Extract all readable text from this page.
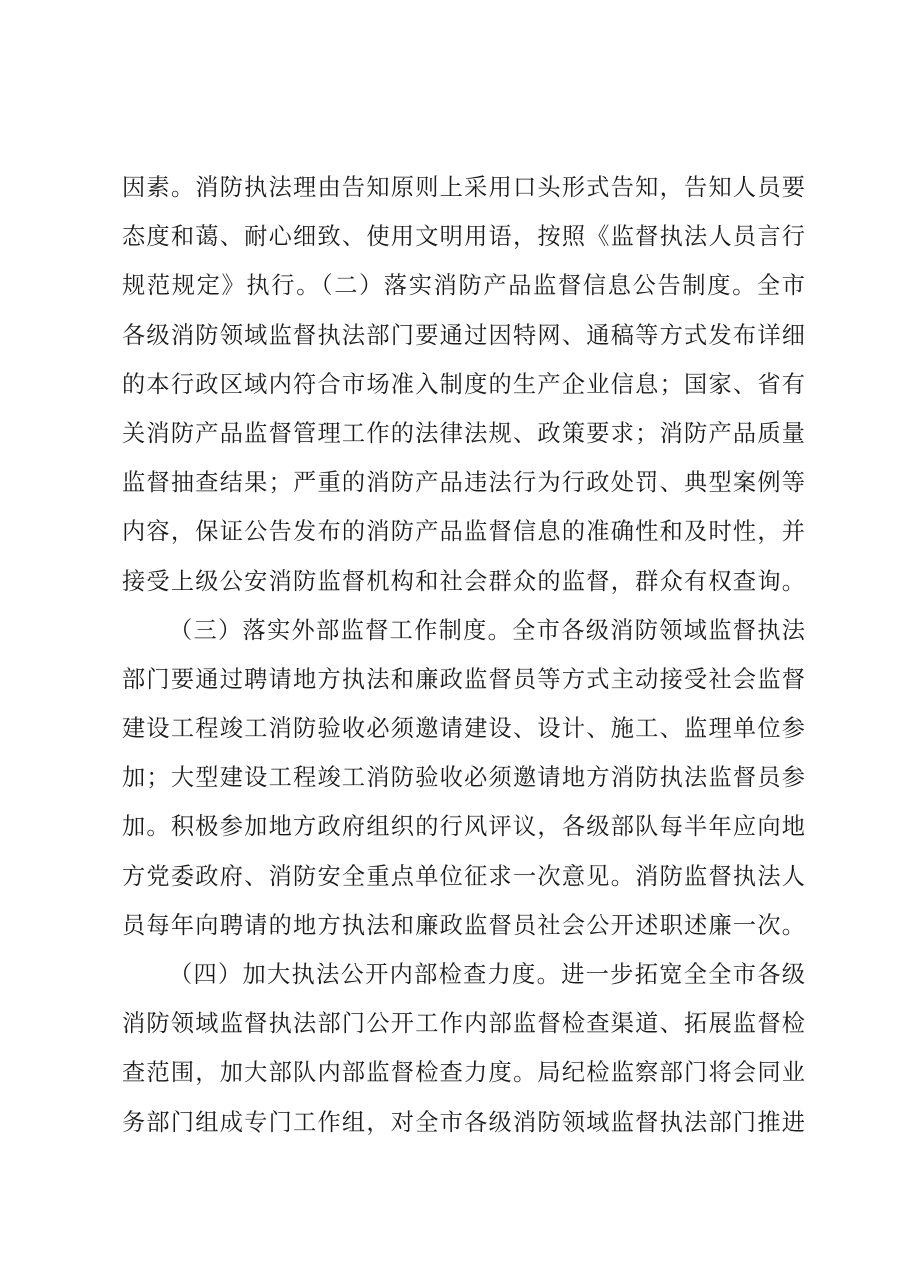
因素。消防执法理由告知原则上采用口头形式告知，告知人员要

态度和蔼、耐心细致、使用文明用语，按照《监督执法人员言行

规范规定》执行。（二）落实消防产品监督信息公告制度。全市

各级消防领域监督执法部门要通过因特网、通稿等方式发布详细

的本行政区域内符合市场准入制度的生产企业信息；国家、省有

关消防产品监督管理工作的法律法规、政策要求；消防产品质量

监督抽查结果；严重的消防产品违法行为行政处罚、典型案例等

内容，保证公告发布的消防产品监督信息的准确性和及时性，并

接受上级公安消防监督机构和社会群众的监督，群众有权查询。

（三）落实外部监督工作制度。全市各级消防领域监督执法

部门要通过聘请地方执法和廉政监督员等方式主动接受社会监督

建设工程竣工消防验收必须邀请建设、设计、施工、监理单位参

加；大型建设工程竣工消防验收必须邀请地方消防执法监督员参

加。积极参加地方政府组织的行风评议，各级部队每半年应向地

方党委政府、消防安全重点单位征求一次意见。消防监督执法人

员每年向聘请的地方执法和廉政监督员社会公开述职述廉一次。

（四）加大执法公开内部检查力度。进一步拓宽全全市各级

消防领域监督执法部门公开工作内部监督检查渠道、拓展监督检

查范围，加大部队内部监督检查力度。局纪检监察部门将会同业

务部门组成专门工作组，对全市各级消防领域监督执法部门推进
